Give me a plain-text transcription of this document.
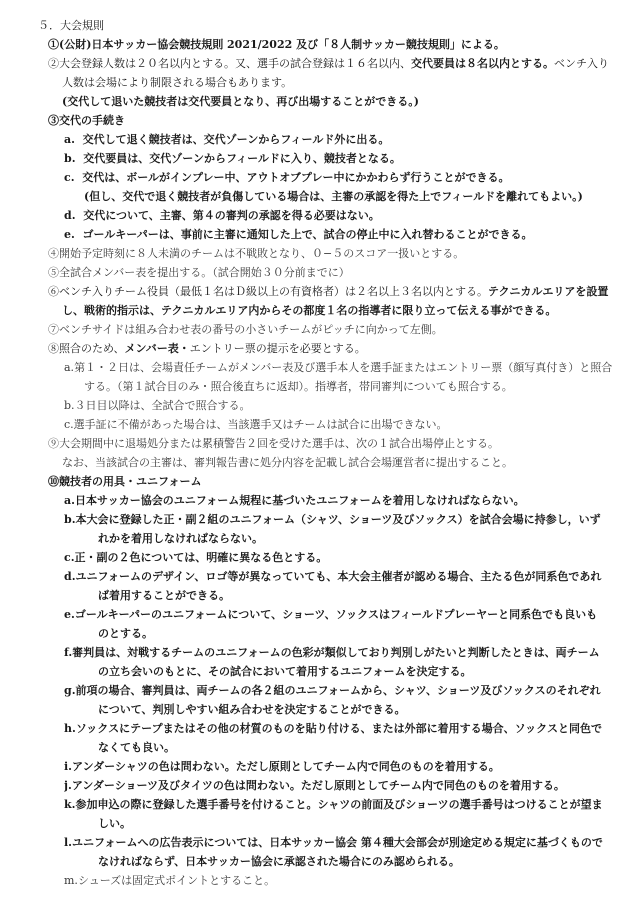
５．大会規則
①(公財)日本サッカー協会競技規則 2021/2022 及び「８人制サッカー競技規則」による。
②大会登録人数は２０名以内とする。又、選手の試合登録は１６名以内、交代要員は８名以内とする。ベンチ入り
人数は会場により制限される場合もあります。
(交代して退いた競技者は交代要員となり、再び出場することができる。)
③交代の手続き
a. 交代して退く競技者は、交代ゾーンからフィールド外に出る。
b. 交代要員は、交代ゾーンからフィールドに入り、競技者となる。
c. 交代は、ボールがインプレー中、アウトオブプレー中にかかわらず行うことができる。
(但し、交代で退く競技者が負傷している場合は、主審の承認を得た上でフィールドを離れてもよい。)
d. 交代について、主審、第４の審判の承認を得る必要はない。
e. ゴールキーパーは、事前に主審に通知した上で、試合の停止中に入れ替わることができる。
④開始予定時刻に８人未満のチームは不戦敗となり、０−５のスコア一扱いとする。
⑤全試合メンバー表を提出する。（試合開始３０分前までに）
⑥ベンチ入りチーム役員（最低１名はＤ級以上の有資格者）は２名以上３名以内とする。テクニカルエリアを設置
し、戦術的指示は、テクニカルエリア内からその都度１名の指導者に限り立って伝える事ができる。
⑦ベンチサイドは組み合わせ表の番号の小さいチームがピッチに向かって左側。
⑧照合のため、メンバー表・エントリー票の提示を必要とする。
a.第１・２日は、会場責任チームがメンバー表及び選手本人を選手証またはエントリー票（顔写真付き）と照合
する。（第１試合目のみ・照合後直ちに返却）。指導者，帯同審判についても照合する。
b.３日目以降は、全試合で照合する。
c.選手証に不備があった場合は、当該選手又はチームは試合に出場できない。
⑨大会期間中に退場処分または累積警告２回を受けた選手は、次の１試合出場停止とする。
なお、当該試合の主審は、審判報告書に処分内容を記載し試合会場運営者に提出すること。
⑩競技者の用具・ユニフォーム
a.日本サッカー協会のユニフォーム規程に基づいたユニフォームを着用しなければならない。
b.本大会に登録した正・副２組のユニフォーム（シャツ、ショーツ及びソックス）を試合会場に持参し，いず
れかを着用しなければならない。
c.正・副の２色については、明確に異なる色とする。
d.ユニフォームのデザイン、ロゴ等が異なっていても、本大会主催者が認める場合、主たる色が同系色であれ
ば着用することができる。
e.ゴールキーパーのユニフォームについて、ショーツ、ソックスはフィールドプレーヤーと同系色でも良いも
のとする。
f.審判員は、対戦するチームのユニフォームの色彩が類似しており判別しがたいと判断したときは、両チーム
の立ち会いのもとに、その試合において着用するユニフォームを決定する。
g.前項の場合、審判員は、両チームの各２組のユニフォームから、シャツ、ショーツ及びソックスのそれぞれ
について、判別しやすい組み合わせを決定することができる。
h.ソックスにテープまたはその他の材質のものを貼り付ける、または外部に着用する場合、ソックスと同色で
なくても良い。
i.アンダーシャツの色は問わない。ただし原則としてチーム内で同色のものを着用する。
j.アンダーショーツ及びタイツの色は問わない。ただし原則としてチーム内で同色のものを着用する。
k.参加申込の際に登録した選手番号を付けること。シャツの前面及びショーツの選手番号はつけることが望ま
しい。
l.ユニフォームへの広告表示については、日本サッカー協会 第４種大会部会が別途定める規定に基づくもので
なければならず、日本サッカー協会に承認された場合にのみ認められる。
m.シューズは固定式ポイントとすること。
